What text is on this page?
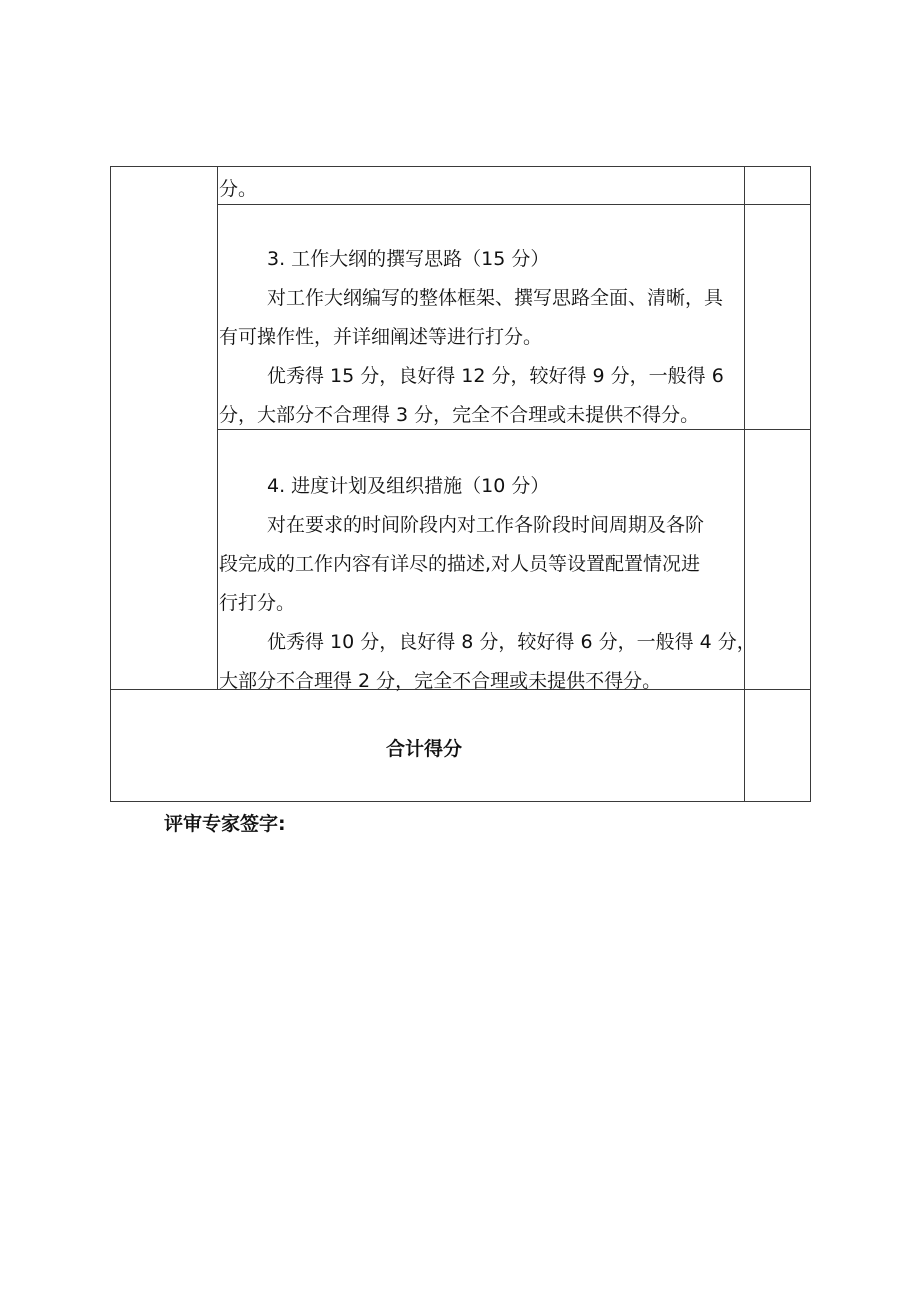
分。
3. 工作大纲的撰写思路（15 分）
对工作大纲编写的整体框架、撰写思路全面、清晰，具
有可操作性，并详细阐述等进行打分。
优秀得 15 分，良好得 12 分，较好得 9 分，一般得 6
分，大部分不合理得 3 分，完全不合理或未提供不得分。
4. 进度计划及组织措施（10 分）
对在要求的时间阶段内对工作各阶段时间周期及各阶
段完成的工作内容有详尽的描述,对人员等设置配置情况进
行打分。
优秀得 10 分，良好得 8 分，较好得 6 分，一般得 4 分，
大部分不合理得 2 分，完全不合理或未提供不得分。
合计得分
评审专家签字:
